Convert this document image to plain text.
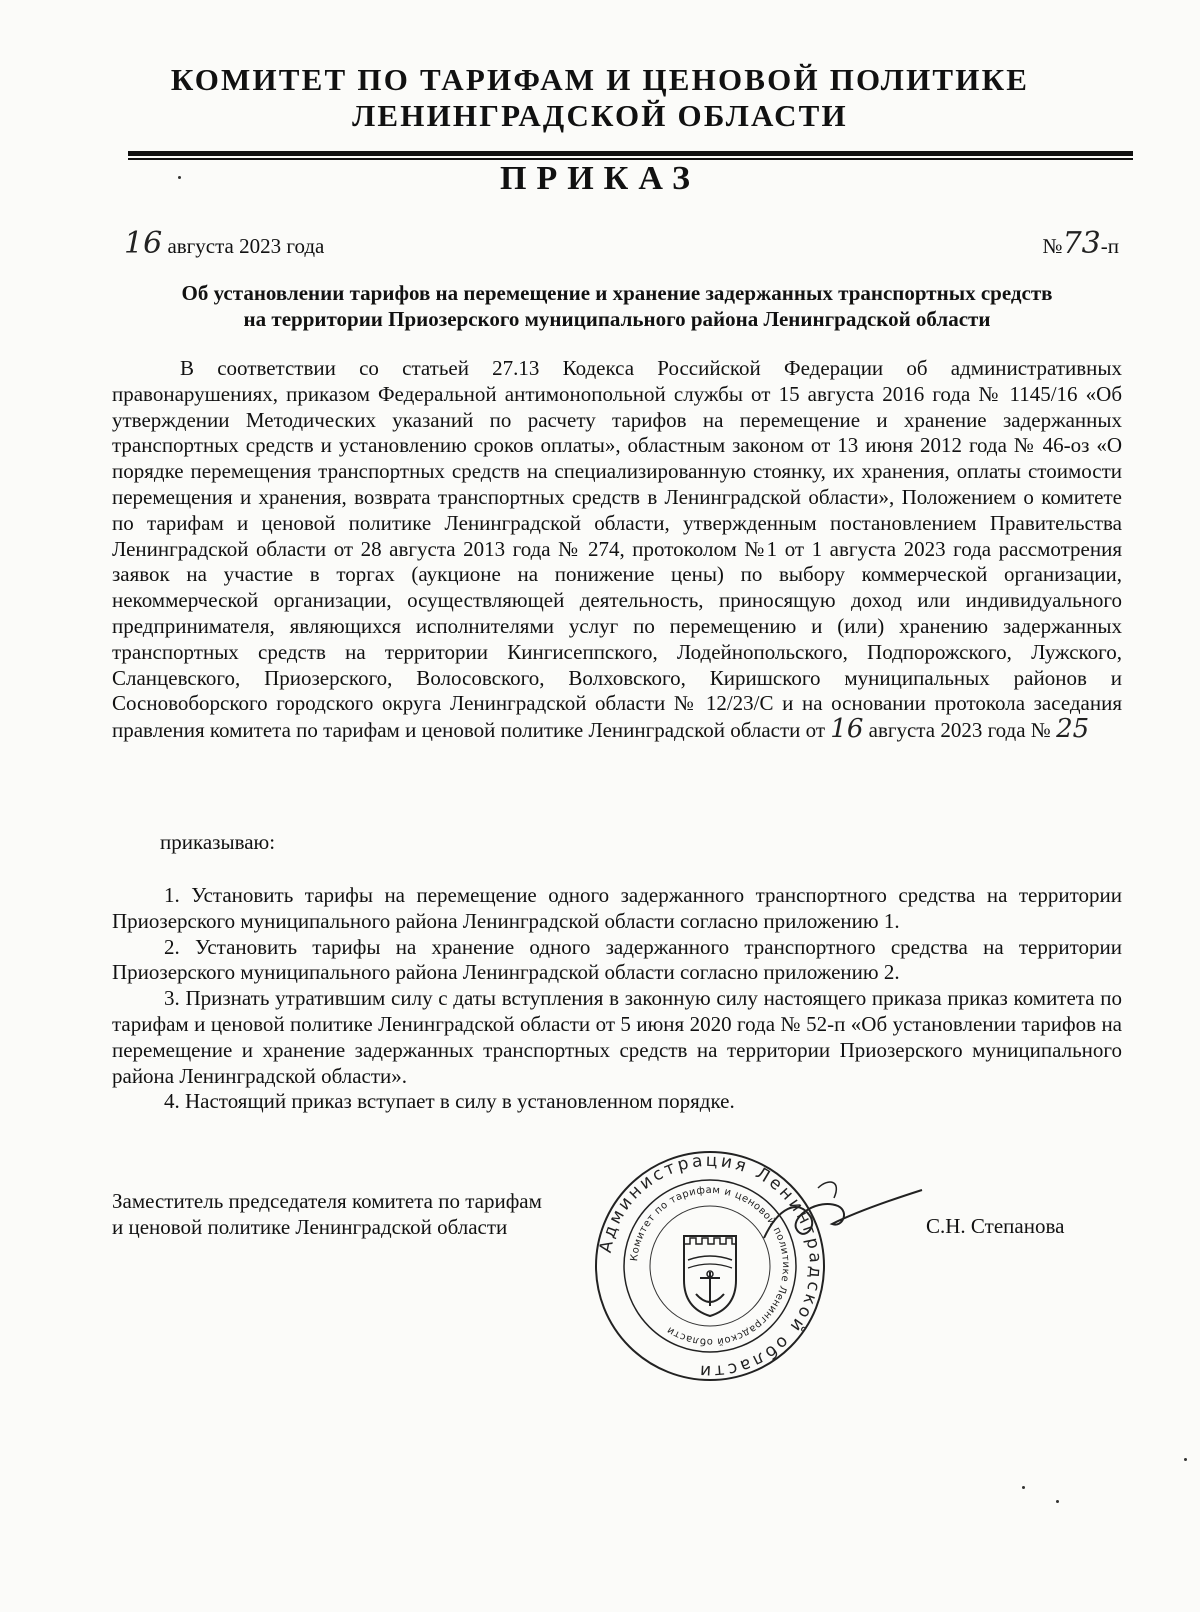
КОМИТЕТ ПО ТАРИФАМ И ЦЕНОВОЙ ПОЛИТИКЕ
ЛЕНИНГРАДСКОЙ ОБЛАСТИ
ПРИКАЗ
16 августа 2023 года	№73-п
Об установлении тарифов на перемещение и хранение задержанных транспортных средств
на территории Приозерского муниципального района Ленинградской области
В соответствии со статьей 27.13 Кодекса Российской Федерации об административных правонарушениях, приказом Федеральной антимонопольной службы от 15 августа 2016 года № 1145/16 «Об утверждении Методических указаний по расчету тарифов на перемещение и хранение задержанных транспортных средств и установлению сроков оплаты», областным законом от 13 июня 2012 года № 46-оз «О порядке перемещения транспортных средств на специализированную стоянку, их хранения, оплаты стоимости перемещения и хранения, возврата транспортных средств в Ленинградской области», Положением о комитете по тарифам и ценовой политике Ленинградской области, утвержденным постановлением Правительства Ленинградской области от 28 августа 2013 года № 274, протоколом №1 от 1 августа 2023 года рассмотрения заявок на участие в торгах (аукционе на понижение цены) по выбору коммерческой организации, некоммерческой организации, осуществляющей деятельность, приносящую доход или индивидуального предпринимателя, являющихся исполнителями услуг по перемещению и (или) хранению задержанных транспортных средств на территории Кингисеппского, Лодейнопольского, Подпорожского, Лужского, Сланцевского, Приозерского, Волосовского, Волховского, Киришского муниципальных районов и Сосновоборского городского округа Ленинградской области № 12/23/С и на основании протокола заседания правления комитета по тарифам и ценовой политике Ленинградской области от 16 августа 2023 года № 25
приказываю:

1. Установить тарифы на перемещение одного задержанного транспортного средства на территории Приозерского муниципального района Ленинградской области согласно приложению 1.

2. Установить тарифы на хранение одного задержанного транспортного средства на территории Приозерского муниципального района Ленинградской области согласно приложению 2.

3. Признать утратившим силу с даты вступления в законную силу настоящего приказа приказ комитета по тарифам и ценовой политике Ленинградской области от 5 июня 2020 года № 52-п «Об установлении тарифов на перемещение и хранение задержанных транспортных средств на территории Приозерского муниципального района Ленинградской области».

4. Настоящий приказ вступает в силу в установленном порядке.

Заместитель председателя комитета по тарифам
и ценовой политике Ленинградской области
Администрация Ленинградской области
Комитет по тарифам и ценовой политике Ленинградской области
С.Н. Степанова
